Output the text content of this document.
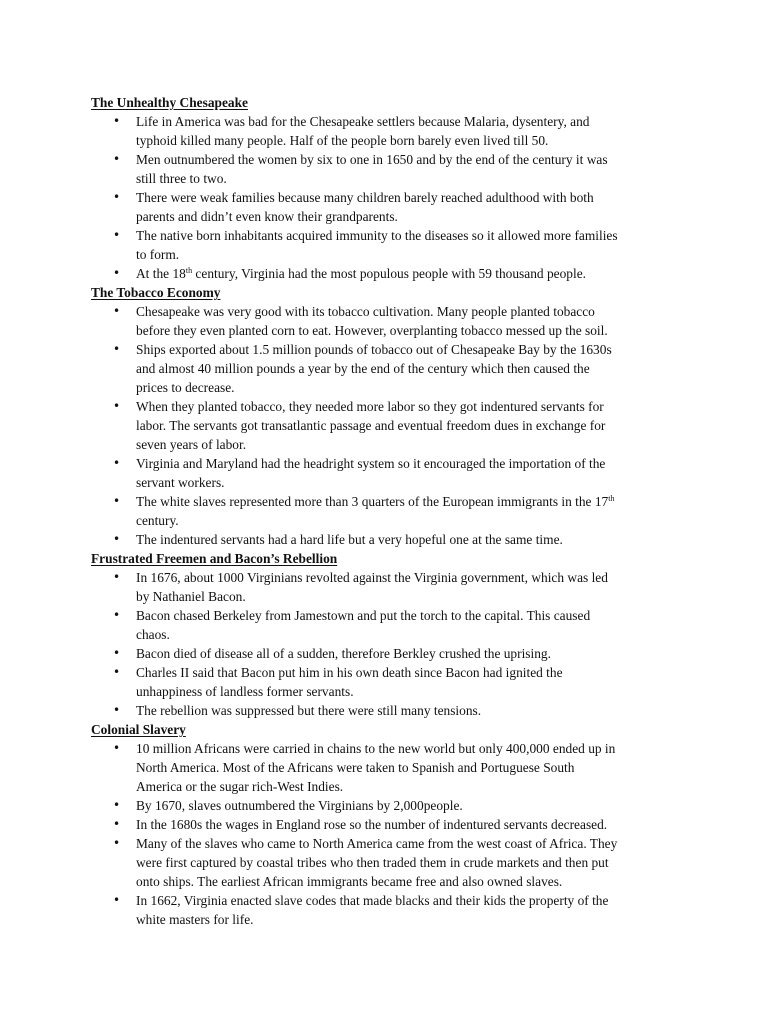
The Unhealthy Chesapeake
• Life in America was bad for the Chesapeake settlers because Malaria, dysentery, and
typhoid killed many people. Half of the people born barely even lived till 50.
• Men outnumbered the women by six to one in 1650 and by the end of the century it was
still three to two.
• There were weak families because many children barely reached adulthood with both
parents and didn’t even know their grandparents.
• The native born inhabitants acquired immunity to the diseases so it allowed more families
to form.
• At the 18th century, Virginia had the most populous people with 59 thousand people.
The Tobacco Economy
• Chesapeake was very good with its tobacco cultivation. Many people planted tobacco
before they even planted corn to eat. However, overplanting tobacco messed up the soil.
• Ships exported about 1.5 million pounds of tobacco out of Chesapeake Bay by the 1630s
and almost 40 million pounds a year by the end of the century which then caused the
prices to decrease.
• When they planted tobacco, they needed more labor so they got indentured servants for
labor. The servants got transatlantic passage and eventual freedom dues in exchange for
seven years of labor.
• Virginia and Maryland had the headright system so it encouraged the importation of the
servant workers.
• The white slaves represented more than 3 quarters of the European immigrants in the 17th
century.
• The indentured servants had a hard life but a very hopeful one at the same time.
Frustrated Freemen and Bacon’s Rebellion
• In 1676, about 1000 Virginians revolted against the Virginia government, which was led
by Nathaniel Bacon.
• Bacon chased Berkeley from Jamestown and put the torch to the capital. This caused
chaos.
• Bacon died of disease all of a sudden, therefore Berkley crushed the uprising.
• Charles II said that Bacon put him in his own death since Bacon had ignited the
unhappiness of landless former servants.
• The rebellion was suppressed but there were still many tensions.
Colonial Slavery
• 10 million Africans were carried in chains to the new world but only 400,000 ended up in
North America. Most of the Africans were taken to Spanish and Portuguese South
America or the sugar rich-West Indies.
• By 1670, slaves outnumbered the Virginians by 2,000people.
• In the 1680s the wages in England rose so the number of indentured servants decreased.
• Many of the slaves who came to North America came from the west coast of Africa. They
were first captured by coastal tribes who then traded them in crude markets and then put
onto ships. The earliest African immigrants became free and also owned slaves.
• In 1662, Virginia enacted slave codes that made blacks and their kids the property of the
white masters for life.
